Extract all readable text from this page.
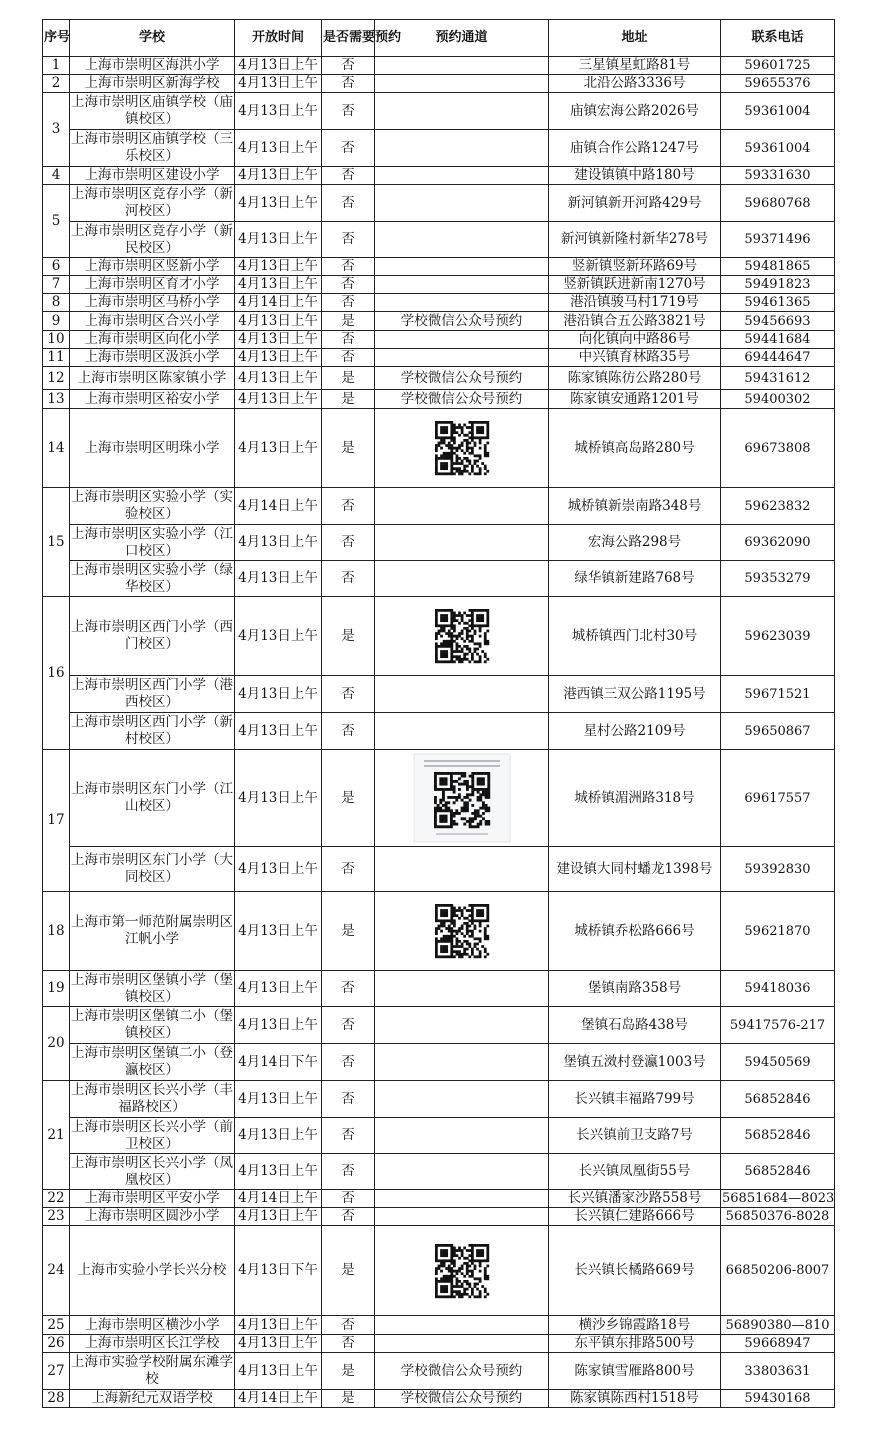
序号	学校	开放时间	是否需要预约	预约通道	地址	联系电话
1	上海市崇明区海洪小学	4月13日上午	否		三星镇星虹路81号	59601725
2	上海市崇明区新海学校	4月13日上午	否		北沿公路3336号	59655376
3	上海市崇明区庙镇学校（庙镇校区）	4月13日上午	否		庙镇宏海公路2026号	59361004
	上海市崇明区庙镇学校（三乐校区）	4月13日上午	否		庙镇合作公路1247号	59361004
4	上海市崇明区建设小学	4月13日上午	否		建设镇镇中路180号	59331630
5	上海市崇明区竞存小学（新河校区）	4月13日上午	否		新河镇新开河路429号	59680768
	上海市崇明区竞存小学（新民校区）	4月13日上午	否		新河镇新隆村新华278号	59371496
6	上海市崇明区竖新小学	4月13日上午	否		竖新镇竖新环路69号	59481865
7	上海市崇明区育才小学	4月13日上午	否		竖新镇跃进新南1270号	59491823
8	上海市崇明区马桥小学	4月14日上午	否		港沿镇骏马村1719号	59461365
9	上海市崇明区合兴小学	4月13日上午	是	学校微信公众号预约	港沿镇合五公路3821号	59456693
10	上海市崇明区向化小学	4月13日上午	否		向化镇向中路86号	59441684
11	上海市崇明区汲浜小学	4月13日上午	否		中兴镇育林路35号	69444647
12	上海市崇明区陈家镇小学	4月13日上午	是	学校微信公众号预约	陈家镇陈彷公路280号	59431612
13	上海市崇明区裕安小学	4月13日上午	是	学校微信公众号预约	陈家镇安通路1201号	59400302
14	上海市崇明区明珠小学	4月13日上午	是		城桥镇高岛路280号	69673808
15	上海市崇明区实验小学（实验校区）	4月14日上午	否		城桥镇新崇南路348号	59623832
	上海市崇明区实验小学（江口校区）	4月13日上午	否		宏海公路298号	69362090
	上海市崇明区实验小学（绿华校区）	4月13日上午	否		绿华镇新建路768号	59353279
16	上海市崇明区西门小学（西门校区）	4月13日上午	是		城桥镇西门北村30号	59623039
	上海市崇明区西门小学（港西校区）	4月13日上午	否		港西镇三双公路1195号	59671521
	上海市崇明区西门小学（新村校区）	4月13日上午	否		星村公路2109号	59650867
17	上海市崇明区东门小学（江山校区）	4月13日上午	是		城桥镇湄洲路318号	69617557
	上海市崇明区东门小学（大同校区）	4月13日上午	否		建设镇大同村蟠龙1398号	59392830
18	上海市第一师范附属崇明区江帆小学	4月13日上午	是		城桥镇乔松路666号	59621870
19	上海市崇明区堡镇小学（堡镇校区）	4月13日上午	否		堡镇南路358号	59418036
20	上海市崇明区堡镇二小（堡镇校区）	4月13日上午	否		堡镇石岛路438号	59417576-217
	上海市崇明区堡镇二小（登瀛校区）	4月14日下午	否		堡镇五滧村登瀛1003号	59450569
21	上海市崇明区长兴小学（丰福路校区）	4月13日上午	否		长兴镇丰福路799号	56852846
	上海市崇明区长兴小学（前卫校区）	4月13日上午	否		长兴镇前卫支路7号	56852846
	上海市崇明区长兴小学（凤凰校区）	4月13日上午	否		长兴镇凤凰街55号	56852846
22	上海市崇明区平安小学	4月14日上午	否		长兴镇潘家沙路558号	56851684—8023
23	上海市崇明区圆沙小学	4月13日上午	否		长兴镇仁建路666号	56850376-8028
24	上海市实验小学长兴分校	4月13日下午	是		长兴镇长橘路669号	66850206-8007
25	上海市崇明区横沙小学	4月13日上午	否		横沙乡锦霞路18号	56890380—810
26	上海市崇明区长江学校	4月13日上午	否		东平镇东排路500号	59668947
27	上海市实验学校附属东滩学校	4月13日上午	是	学校微信公众号预约	陈家镇雪雁路800号	33803631
28	上海新纪元双语学校	4月14日上午	是	学校微信公众号预约	陈家镇陈西村1518号	59430168
